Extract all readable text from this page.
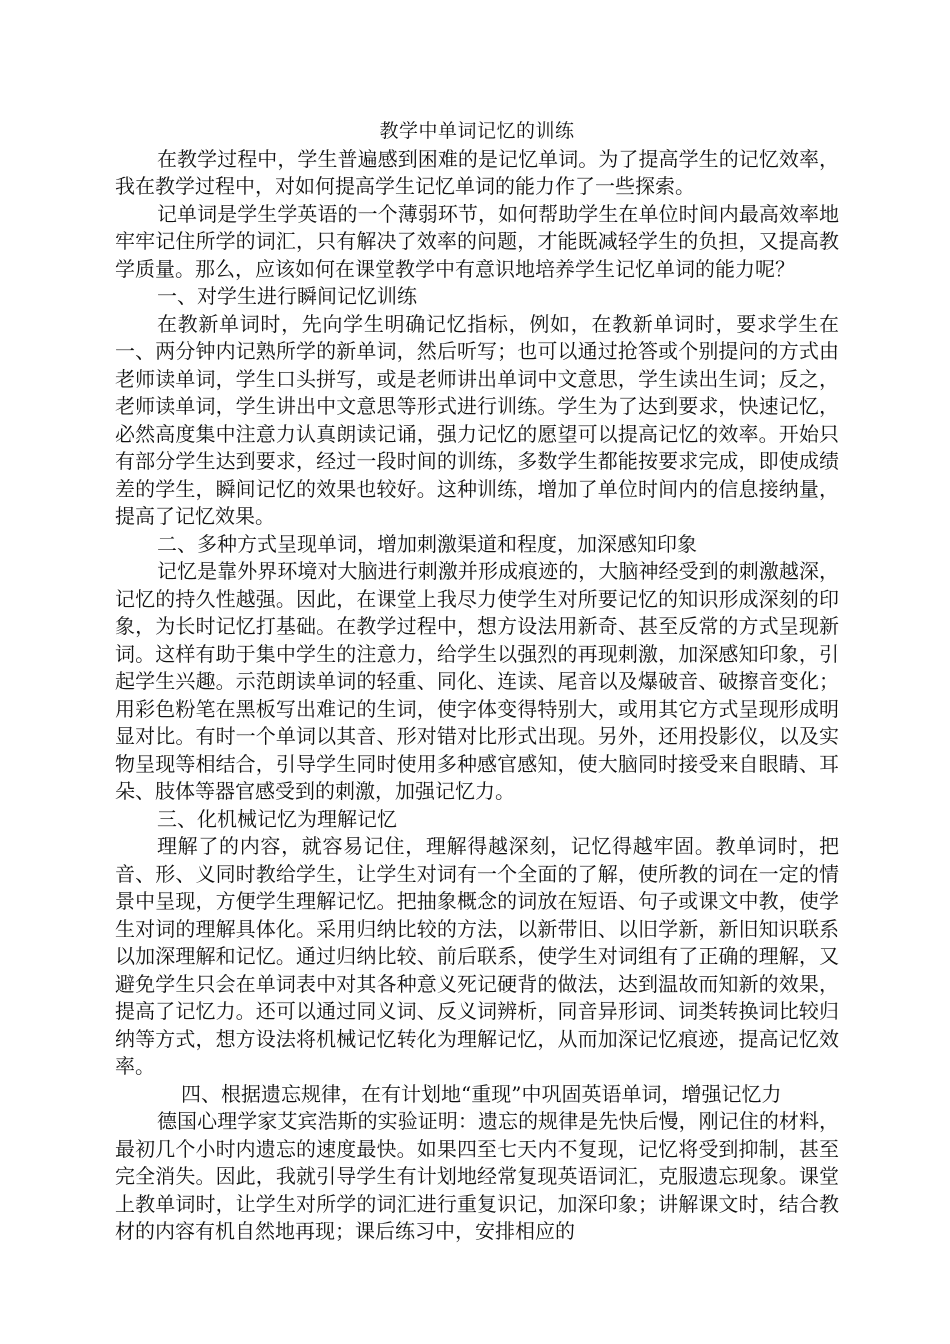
教学中单词记忆的训练

在教学过程中，学生普遍感到困难的是记忆单词。为了提高学生的记忆效率，我在教学过程中，对如何提高学生记忆单词的能力作了一些探索。

记单词是学生学英语的一个薄弱环节，如何帮助学生在单位时间内最高效率地牢牢记住所学的词汇，只有解决了效率的问题，才能既减轻学生的负担，又提高教学质量。那么，应该如何在课堂教学中有意识地培养学生记忆单词的能力呢？

一、对学生进行瞬间记忆训练

在教新单词时，先向学生明确记忆指标，例如，在教新单词时，要求学生在一、两分钟内记熟所学的新单词，然后听写；也可以通过抢答或个别提问的方式由老师读单词，学生口头拼写，或是老师讲出单词中文意思，学生读出生词；反之，老师读单词，学生讲出中文意思等形式进行训练。学生为了达到要求，快速记忆，必然高度集中注意力认真朗读记诵，强力记忆的愿望可以提高记忆的效率。开始只有部分学生达到要求，经过一段时间的训练，多数学生都能按要求完成，即使成绩差的学生，瞬间记忆的效果也较好。这种训练，增加了单位时间内的信息接纳量，提高了记忆效果。

二、多种方式呈现单词，增加刺激渠道和程度，加深感知印象

记忆是靠外界环境对大脑进行刺激并形成痕迹的，大脑神经受到的刺激越深，记忆的持久性越强。因此，在课堂上我尽力使学生对所要记忆的知识形成深刻的印象，为长时记忆打基础。在教学过程中，想方设法用新奇、甚至反常的方式呈现新词。这样有助于集中学生的注意力，给学生以强烈的再现刺激，加深感知印象，引起学生兴趣。示范朗读单词的轻重、同化、连读、尾音以及爆破音、破擦音变化；用彩色粉笔在黑板写出难记的生词，使字体变得特别大，或用其它方式呈现形成明显对比。有时一个单词以其音、形对错对比形式出现。另外，还用投影仪，以及实物呈现等相结合，引导学生同时使用多种感官感知，使大脑同时接受来自眼睛、耳朵、肢体等器官感受到的刺激，加强记忆力。

三、化机械记忆为理解记忆

理解了的内容，就容易记住，理解得越深刻，记忆得越牢固。教单词时，把音、形、义同时教给学生，让学生对词有一个全面的了解，使所教的词在一定的情景中呈现，方便学生理解记忆。把抽象概念的词放在短语、句子或课文中教，使学生对词的理解具体化。采用归纳比较的方法，以新带旧、以旧学新，新旧知识联系以加深理解和记忆。通过归纳比较、前后联系，使学生对词组有了正确的理解，又避免学生只会在单词表中对其各种意义死记硬背的做法，达到温故而知新的效果，提高了记忆力。还可以通过同义词、反义词辨析，同音异形词、词类转换词比较归纳等方式，想方设法将机械记忆转化为理解记忆，从而加深记忆痕迹，提高记忆效率。

四、根据遗忘规律，在有计划地“重现”中巩固英语单词，增强记忆力

德国心理学家艾宾浩斯的实验证明：遗忘的规律是先快后慢，刚记住的材料，最初几个小时内遗忘的速度最快。如果四至七天内不复现，记忆将受到抑制，甚至完全消失。因此，我就引导学生有计划地经常复现英语词汇，克服遗忘现象。课堂上教单词时，让学生对所学的词汇进行重复识记，加深印象；讲解课文时，结合教材的内容有机自然地再现；课后练习中，安排相应的
